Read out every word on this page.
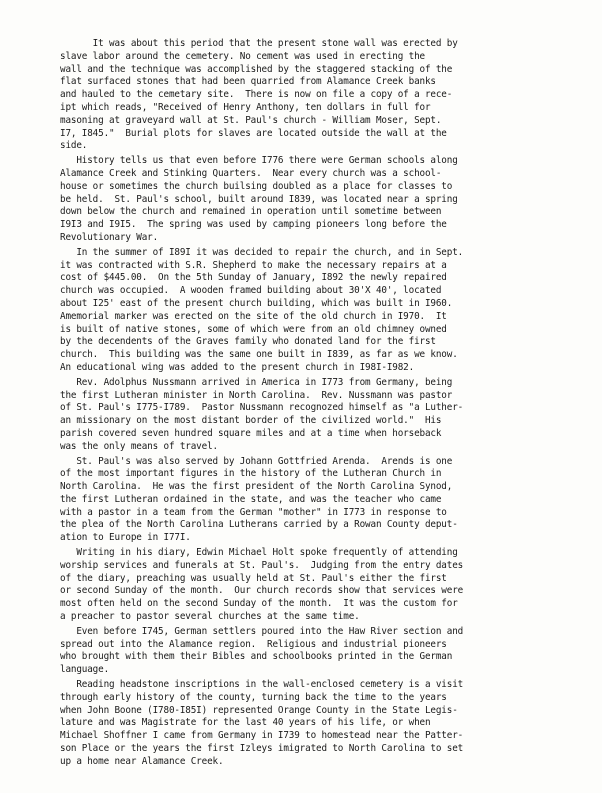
It was about this period that the present stone wall was erected by
slave labor around the cemetery. No cement was used in erecting the
wall and the technique was accomplished by the staggered stacking of the
flat surfaced stones that had been quarried from Alamance Creek banks
and hauled to the cemetary site.  There is now on file a copy of a rece-
ipt which reads, "Received of Henry Anthony, ten dollars in full for
masoning at graveyard wall at St. Paul's church - William Moser, Sept.
I7, I845."  Burial plots for slaves are located outside the wall at the
side.

History tells us that even before I776 there were German schools along
Alamance Creek and Stinking Quarters.  Near every church was a school-
house or sometimes the church builsing doubled as a place for classes to
be held.  St. Paul's school, built around I839, was located near a spring
down below the church and remained in operation until sometime between
I9I3 and I9I5.  The spring was used by camping pioneers long before the
Revolutionary War.

In the summer of I89I it was decided to repair the church, and in Sept.
it was contracted with S.R. Shepherd to make the necessary repairs at a
cost of $445.00.  On the 5th Sunday of January, I892 the newly repaired
church was occupied.  A wooden framed building about 30'X 40', located
about I25' east of the present church building, which was built in I960.
Amemorial marker was erected on the site of the old church in I970.  It
is built of native stones, some of which were from an old chimney owned
by the decendents of the Graves family who donated land for the first
church.  This building was the same one built in I839, as far as we know.
An educational wing was added to the present church in I98I-I982.

Rev. Adolphus Nussmann arrived in America in I773 from Germany, being
the first Lutheran minister in North Carolina.  Rev. Nussmann was pastor
of St. Paul's I775-I789.  Pastor Nussmann recognozed himself as "a Luther-
an missionary on the most distant border of the civilized world."  His
parish covered seven hundred square miles and at a time when horseback
was the only means of travel.

St. Paul's was also served by Johann Gottfried Arenda.  Arends is one
of the most important figures in the history of the Lutheran Church in
North Carolina.  He was the first president of the North Carolina Synod,
the first Lutheran ordained in the state, and was the teacher who came
with a pastor in a team from the German "mother" in I773 in response to
the plea of the North Carolina Lutherans carried by a Rowan County deput-
ation to Europe in I77I.

Writing in his diary, Edwin Michael Holt spoke frequently of attending
worship services and funerals at St. Paul's.  Judging from the entry dates
of the diary, preaching was usually held at St. Paul's either the first
or second Sunday of the month.  Our church records show that services were
most often held on the second Sunday of the month.  It was the custom for
a preacher to pastor several churches at the same time.

Even before I745, German settlers poured into the Haw River section and
spread out into the Alamance region.  Religious and industrial pioneers
who brought with them their Bibles and schoolbooks printed in the German
language.

Reading headstone inscriptions in the wall-enclosed cemetery is a visit
through early history of the county, turning back the time to the years
when John Boone (I780-I85I) represented Orange County in the State Legis-
lature and was Magistrate for the last 40 years of his life, or when
Michael Shoffner I came from Germany in I739 to homestead near the Patter-
son Place or the years the first Izleys imigrated to North Carolina to set
up a home near Alamance Creek.
